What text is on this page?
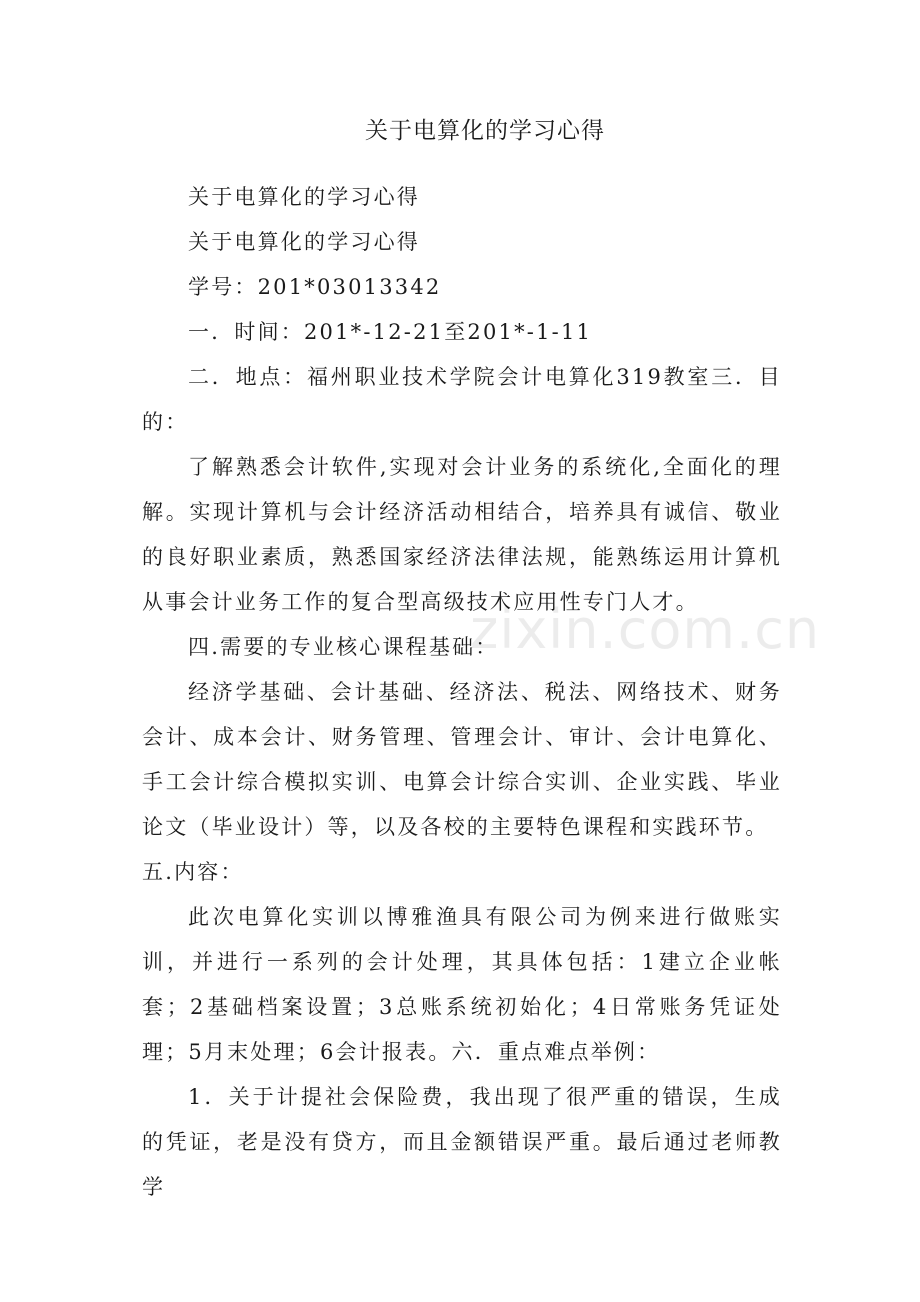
关于电算化的学习心得

关于电算化的学习心得

关于电算化的学习心得

学号：201*03013342

一．时间：201*-12-21至201*-1-11

二．地点：福州职业技术学院会计电算化319教室三．目的：

了解熟悉会计软件,实现对会计业务的系统化,全面化的理解。实现计算机与会计经济活动相结合，培养具有诚信、敬业的良好职业素质，熟悉国家经济法律法规，能熟练运用计算机从事会计业务工作的复合型高级技术应用性专门人才。

四.需要的专业核心课程基础：

经济学基础、会计基础、经济法、税法、网络技术、财务会计、成本会计、财务管理、管理会计、审计、会计电算化、手工会计综合模拟实训、电算会计综合实训、企业实践、毕业论文（毕业设计）等，以及各校的主要特色课程和实践环节。

五.内容：

此次电算化实训以博雅渔具有限公司为例来进行做账实训，并进行一系列的会计处理，其具体包括：1建立企业帐套；2基础档案设置；3总账系统初始化；4日常账务凭证处理；5月末处理；6会计报表。六．重点难点举例：

1．关于计提社会保险费，我出现了很严重的错误，生成的凭证，老是没有贷方，而且金额错误严重。最后通过老师教学

zixin.com.cn
